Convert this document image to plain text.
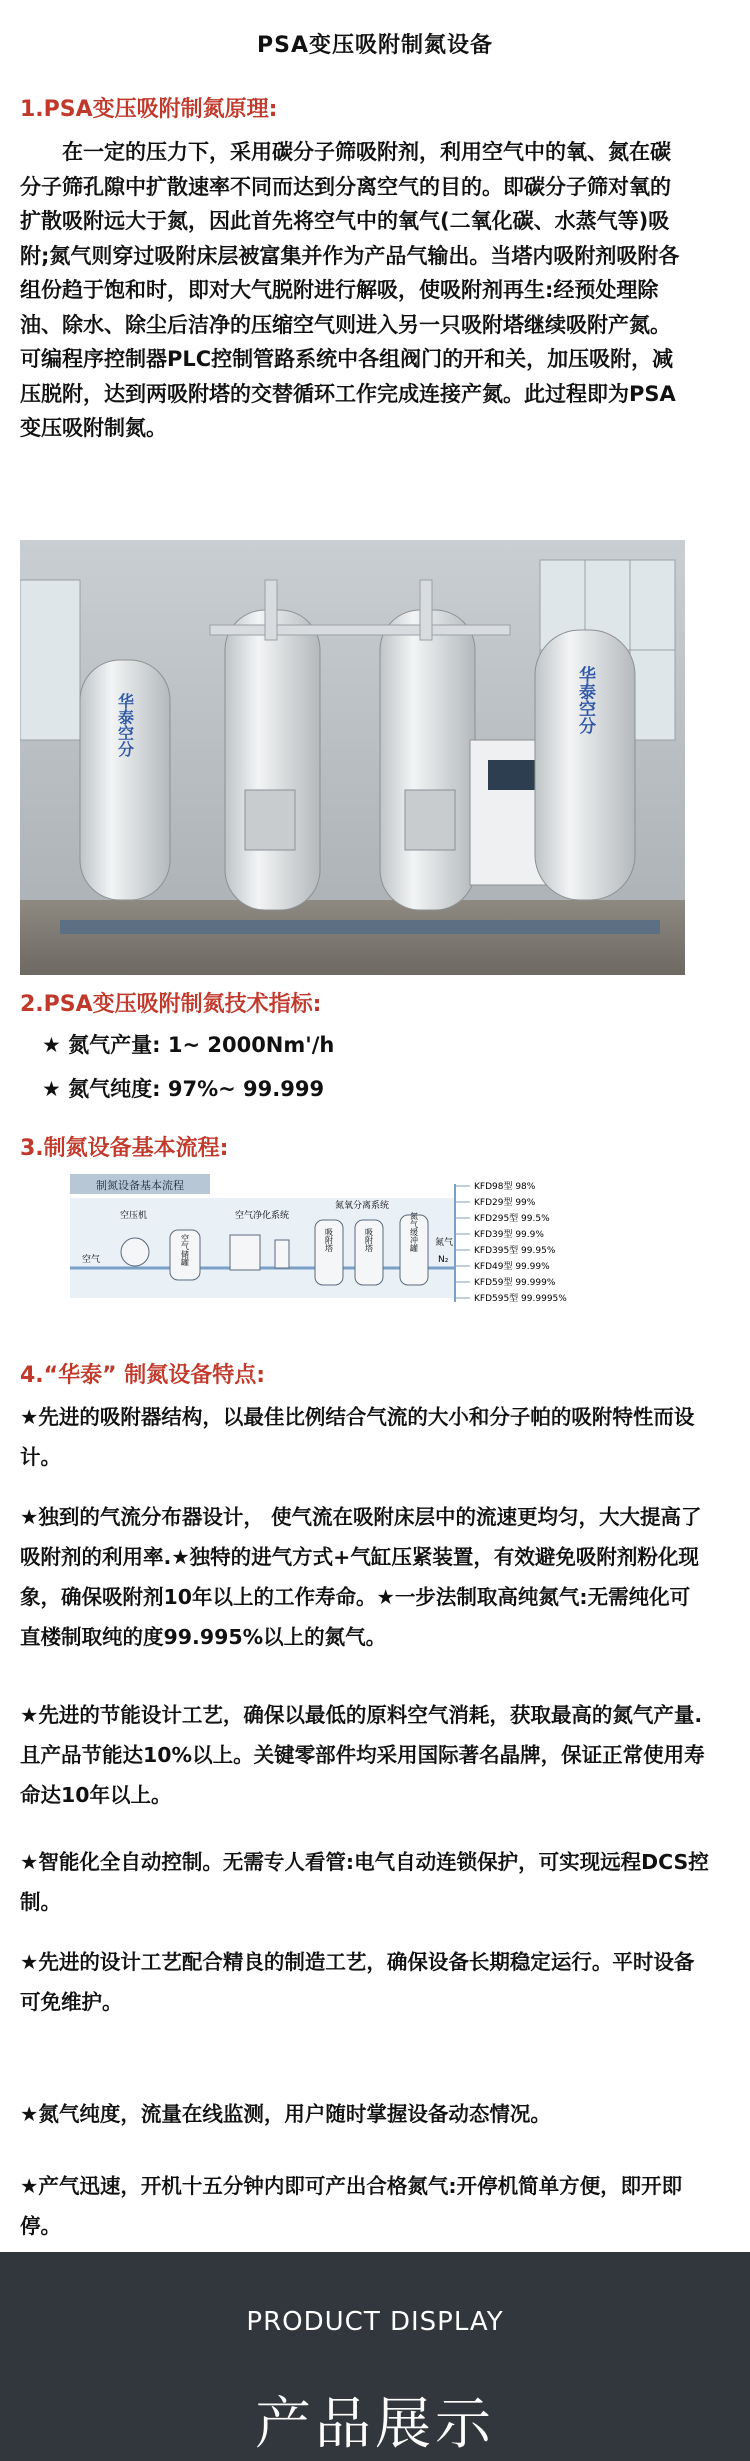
PSA变压吸附制氮设备
1.PSA变压吸附制氮原理:
　　在一定的压力下，采用碳分子筛吸附剂，利用空气中的氧、氮在碳分子筛孔隙中扩散速率不同而达到分离空气的目的。即碳分子筛对氧的扩散吸附远大于氮，因此首先将空气中的氧气(二氧化碳、水蒸气等)吸附;氮气则穿过吸附床层被富集并作为产品气输出。当塔内吸附剂吸附各组份趋于饱和时，即对大气脱附进行解吸，使吸附剂再生:经预处理除油、除水、除尘后洁净的压缩空气则进入另一只吸附塔继续吸附产氮。可编程序控制器PLC控制管路系统中各组阀门的开和关，加压吸附，减压脱附，达到两吸附塔的交替循环工作完成连接产氮。此过程即为PSA变压吸附制氮。
华泰空分	华泰空分
2.PSA变压吸附制氮技术指标:
★ 氮气产量: 1~ 2000Nm'/h
★ 氮气纯度: 97%~ 99.999
3.制氮设备基本流程:
制氮设备基本流程
空气
空压机
空气储罐
空气净化系统
氮氧分离系统
吸附塔	吸附塔	氮气缓冲罐 氮气
N₂
KFD98型 98%
KFD29型 99%
KFD295型 99.5%
KFD39型 99.9%
KFD395型 99.95%
KFD49型 99.99%
KFD59型 99.999%
KFD595型 99.9995%
4.“华泰” 制氮设备特点:
★先进的吸附器结构，以最佳比例结合气流的大小和分子帕的吸附特性而设计。
★独到的气流分布器设计， 使气流在吸附床层中的流速更均匀，大大提高了吸附剂的利用率.★独特的进气方式+气缸压紧装置，有效避免吸附剂粉化现象，确保吸附剂10年以上的工作寿命。★一步法制取高纯氮气:无需纯化可直楼制取纯的度99.995%以上的氮气。
★先进的节能设计工艺，确保以最低的原料空气消耗，获取最高的氮气产量.且产品节能达10%以上。关键零部件均采用国际著名晶牌，保证正常使用寿命达10年以上。
★智能化全自动控制。无需专人看管:电气自动连锁保护，可实现远程DCS控制。
★先进的设计工艺配合精良的制造工艺，确保设备长期稳定运行。平时设备可免维护。
★氮气纯度，流量在线监测，用户随时掌握设备动态情况。
★产气迅速，开机十五分钟内即可产出合格氮气:开停机简单方便，即开即停。
PRODUCT DISPLAY
产品展示
